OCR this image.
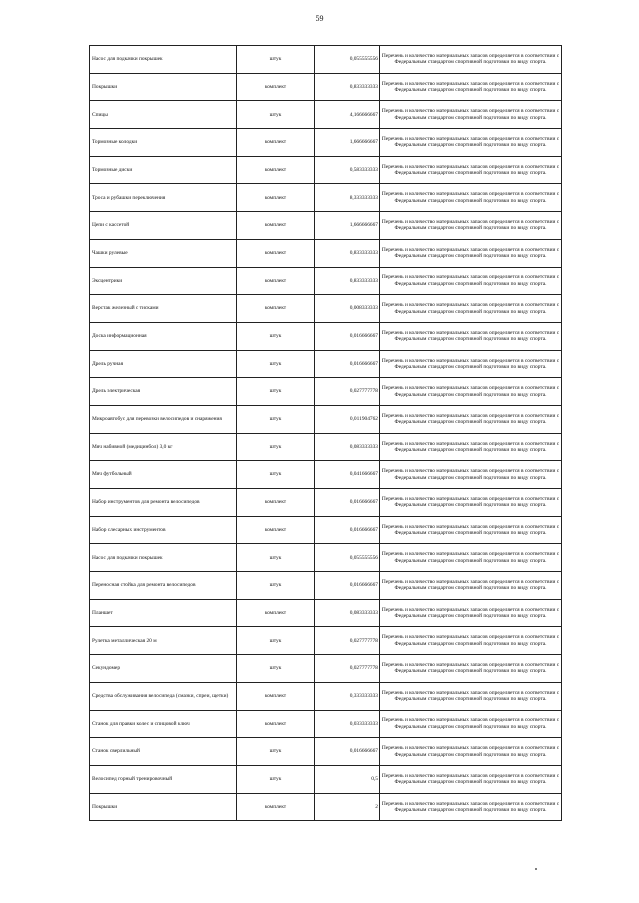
59
Насос для подкачки покрышек	штук	0,055555556	Перечень и количество материальных запасов определяется в соответствии с Федеральным стандартом спортивной подготовки по виду спорта.
Покрышки	комплект	0,833333333	Перечень и количество материальных запасов определяется в соответствии с Федеральным стандартом спортивной подготовки по виду спорта.
Спицы	штук	4,166666667	Перечень и количество материальных запасов определяется в соответствии с Федеральным стандартом спортивной подготовки по виду спорта.
Тормозные колодки	комплект	1,666666667	Перечень и количество материальных запасов определяется в соответствии с Федеральным стандартом спортивной подготовки по виду спорта.
Тормозные диски	комплект	0,583333333	Перечень и количество материальных запасов определяется в соответствии с Федеральным стандартом спортивной подготовки по виду спорта.
Троса и рубашки переключения	комплект	8,333333333	Перечень и количество материальных запасов определяется в соответствии с Федеральным стандартом спортивной подготовки по виду спорта.
Цепи с кассетой	комплект	1,666666667	Перечень и количество материальных запасов определяется в соответствии с Федеральным стандартом спортивной подготовки по виду спорта.
Чашки рулевые	комплект	0,833333333	Перечень и количество материальных запасов определяется в соответствии с Федеральным стандартом спортивной подготовки по виду спорта.
Эксцентрики	комплект	0,833333333	Перечень и количество материальных запасов определяется в соответствии с Федеральным стандартом спортивной подготовки по виду спорта.
Верстак железный с тисками	комплект	0,008333333	Перечень и количество материальных запасов определяется в соответствии с Федеральным стандартом спортивной подготовки по виду спорта.
Доска информационная	штук	0,016666667	Перечень и количество материальных запасов определяется в соответствии с Федеральным стандартом спортивной подготовки по виду спорта.
Дрель ручная	штук	0,016666667	Перечень и количество материальных запасов определяется в соответствии с Федеральным стандартом спортивной подготовки по виду спорта.
Дрель электрическая	штук	0,027777778	Перечень и количество материальных запасов определяется в соответствии с Федеральным стандартом спортивной подготовки по виду спорта.
Микроавтобус для перевозки велосипедов и снаряжения	штук	0,011904762	Перечень и количество материальных запасов определяется в соответствии с Федеральным стандартом спортивной подготовки по виду спорта.
Мяч набивной (медицинбол) 3,0 кг	штук	0,083333333	Перечень и количество материальных запасов определяется в соответствии с Федеральным стандартом спортивной подготовки по виду спорта.
Мяч футбольный	штук	0,041666667	Перечень и количество материальных запасов определяется в соответствии с Федеральным стандартом спортивной подготовки по виду спорта.
Набор инструментов для ремонта велосипедов	комплект	0,016666667	Перечень и количество материальных запасов определяется в соответствии с Федеральным стандартом спортивной подготовки по виду спорта.
Набор слесарных инструментов	комплект	0,016666667	Перечень и количество материальных запасов определяется в соответствии с Федеральным стандартом спортивной подготовки по виду спорта.
Насос для подкачки покрышек	штук	0,055555556	Перечень и количество материальных запасов определяется в соответствии с Федеральным стандартом спортивной подготовки по виду спорта.
Переносная стойка для ремонта велосипедов	штук	0,016666667	Перечень и количество материальных запасов определяется в соответствии с Федеральным стандартом спортивной подготовки по виду спорта.
Планшет	комплект	0,083333333	Перечень и количество материальных запасов определяется в соответствии с Федеральным стандартом спортивной подготовки по виду спорта.
Рулетка металлическая 20 м	штук	0,027777778	Перечень и количество материальных запасов определяется в соответствии с Федеральным стандартом спортивной подготовки по виду спорта.
Секундомер	штук	0,027777778	Перечень и количество материальных запасов определяется в соответствии с Федеральным стандартом спортивной подготовки по виду спорта.
Средства обслуживания велосипеда (смазки, спреи, щетки)	комплект	0,333333333	Перечень и количество материальных запасов определяется в соответствии с Федеральным стандартом спортивной подготовки по виду спорта.
Станок для правки колес и спицовой ключ	комплект	0,033333333	Перечень и количество материальных запасов определяется в соответствии с Федеральным стандартом спортивной подготовки по виду спорта.
Станок сверлильный	штук	0,016666667	Перечень и количество материальных запасов определяется в соответствии с Федеральным стандартом спортивной подготовки по виду спорта.
Велосипед горный тренировочный	штук	0,5	Перечень и количество материальных запасов определяется в соответствии с Федеральным стандартом спортивной подготовки по виду спорта.
Покрышки	комплект	2	Перечень и количество материальных запасов определяется в соответствии с Федеральным стандартом спортивной подготовки по виду спорта.
